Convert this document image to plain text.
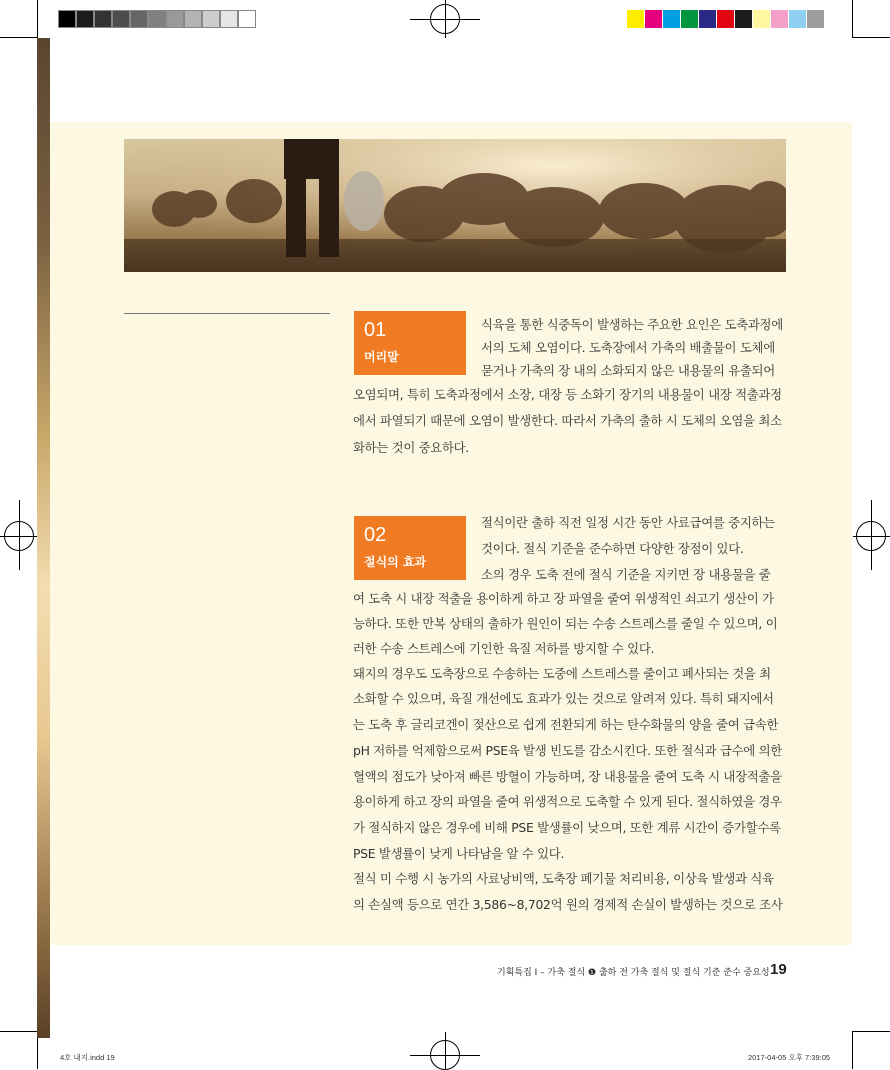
01
머리말
식육을 통한 식중독이 발생하는 주요한 요인은 도축과정에
서의 도체 오염이다. 도축장에서 가축의 배출물이 도체에
묻거나 가축의 장 내의 소화되지 않은 내용물의 유출되어
오염되며, 특히 도축과정에서 소장, 대장 등 소화기 장기의 내용물이 내장 적출과정
에서 파열되기 때문에 오염이 발생한다. 따라서 가축의 출하 시 도체의 오염을 최소
화하는 것이 중요하다.
02
절식의 효과
절식이란 출하 직전 일정 시간 동안 사료급여를 중지하는
것이다. 절식 기준을 준수하면 다양한 장점이 있다.
소의 경우 도축 전에 절식 기준을 지키면 장 내용물을 줄
여 도축 시 내장 적출을 용이하게 하고 장 파열을 줄여 위생적인 쇠고기 생산이 가
능하다. 또한 만복 상태의 출하가 원인이 되는 수송 스트레스를 줄일 수 있으며, 이
러한 수송 스트레스에 기인한 육질 저하를 방지할 수 있다.
돼지의 경우도 도축장으로 수송하는 도중에 스트레스를 줄이고 폐사되는 것을 최
소화할 수 있으며, 육질 개선에도 효과가 있는 것으로 알려져 있다. 특히 돼지에서
는 도축 후 글리코겐이 젖산으로 쉽게 전환되게 하는 탄수화물의 양을 줄여 급속한
pH 저하를 억제함으로써 PSE육 발생 빈도를 감소시킨다. 또한 절식과 급수에 의한
혈액의 점도가 낮아져 빠른 방혈이 가능하며, 장 내용물을 줄여 도축 시 내장적출을
용이하게 하고 장의 파열을 줄여 위생적으로 도축할 수 있게 된다. 절식하였을 경우
가 절식하지 않은 경우에 비해 PSE 발생률이 낮으며, 또한 계류 시간이 증가할수록
PSE 발생률이 낮게 나타남을 알 수 있다.
절식 미 수행 시 농가의 사료낭비액, 도축장 폐기물 처리비용, 이상육 발생과 식육
의 손실액 등으로 연간 3,586~8,702억 원의 경제적 손실이 발생하는 것으로 조사
기획특집 I – 가축 절식 ❶ 출하 전 가축 절식 및 절식 기준 준수 중요성 19
4호 내지.indd 19	2017-04-05 오후 7:39:05
